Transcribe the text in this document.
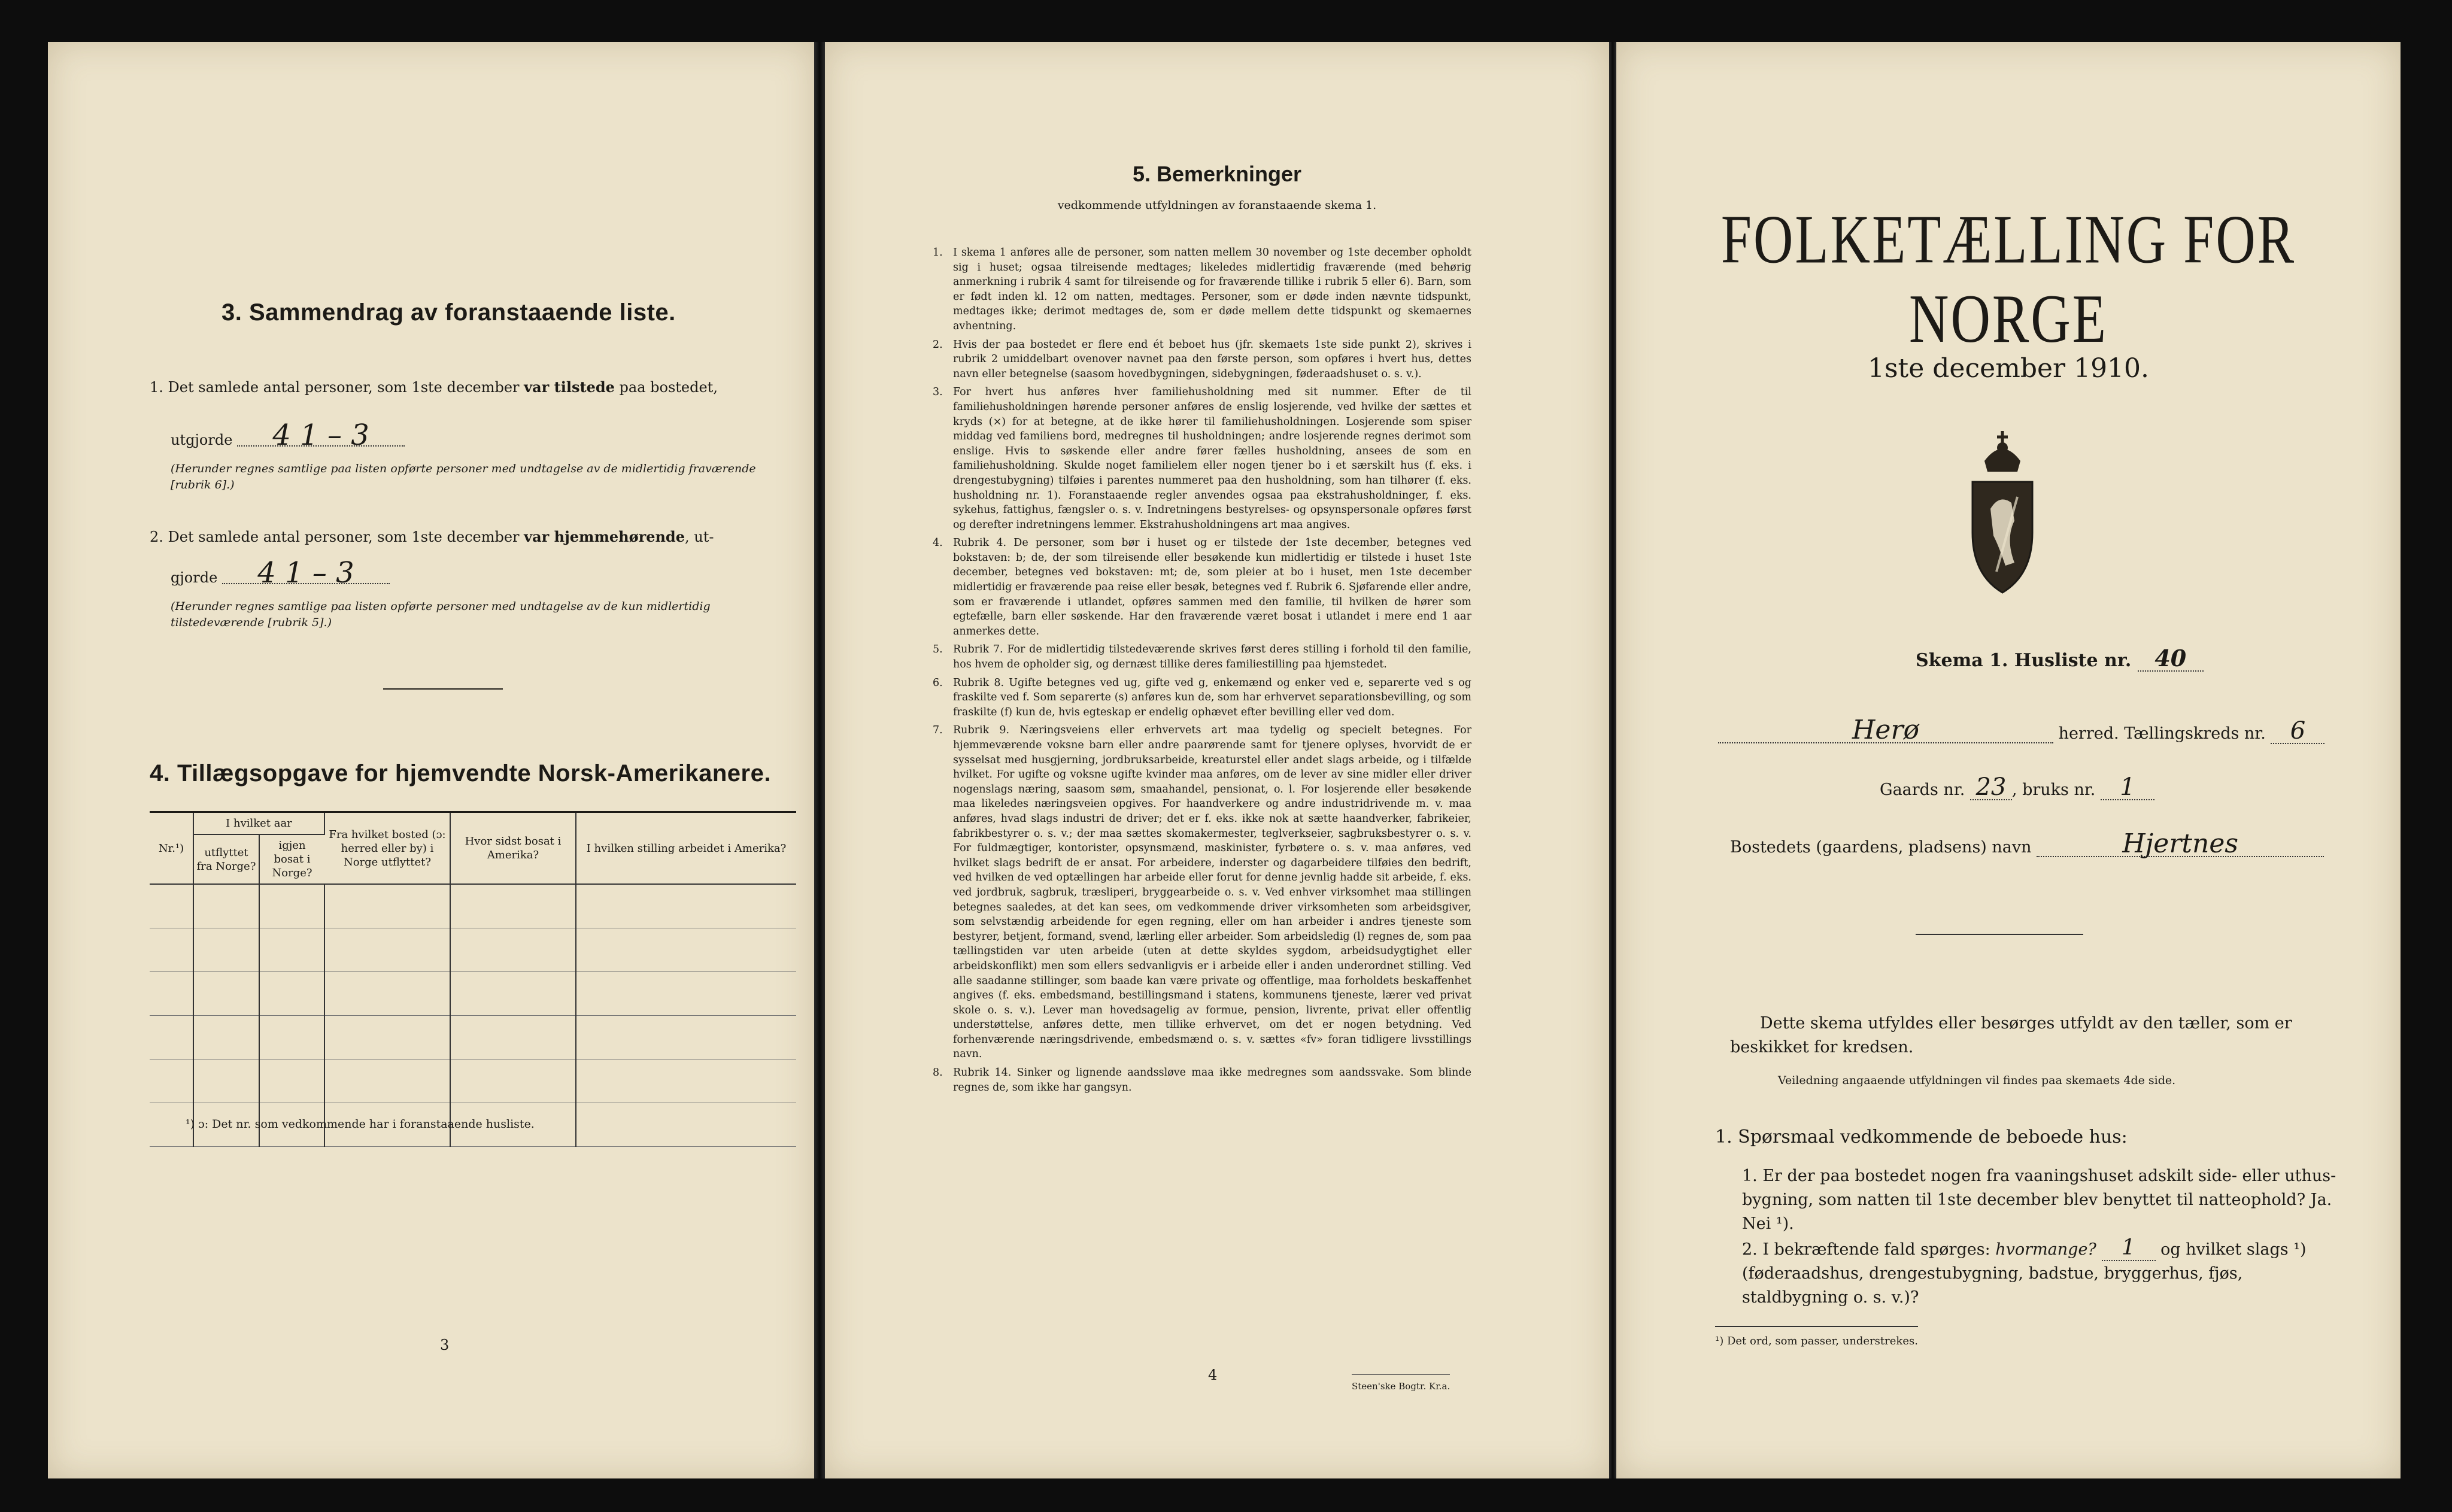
3. Sammendrag av foranstaaende liste.
1. Det samlede antal personer, som 1ste december var tilstede paa bostedet,
utgjorde 4 1 – 3
(Herunder regnes samtlige paa listen opførte personer med undtagelse av de midlertidig fraværende [rubrik 6].)
2. Det samlede antal personer, som 1ste december var hjemmehørende, ut-
gjorde 4 1 – 3
(Herunder regnes samtlige paa listen opførte personer med undtagelse av de kun midlertidig tilstedeværende [rubrik 5].)
4. Tillægsopgave for hjemvendte Norsk-Amerikanere.
Nr.¹)	I hvilket aar		Fra hvilket bosted (ɔ: herred eller by) i Norge utflyttet?	Hvor sidst bosat i Amerika?	I hvilken stilling arbeidet i Amerika?
	utflyttet fra Norge?	igjen bosat i Norge?			

¹) ɔ: Det nr. som vedkommende har i foranstaaende husliste.
3
5. Bemerkninger
vedkommende utfyldningen av foranstaaende skema 1.
1. I skema 1 anføres alle de personer, som natten mellem 30 november og 1ste december opholdt sig i huset; ogsaa tilreisende medtages; likeledes midlertidig fraværende (med behørig anmerkning i rubrik 4 samt for tilreisende og for fraværende tillike i rubrik 5 eller 6). Barn, som er født inden kl. 12 om natten, medtages. Personer, som er døde inden nævnte tidspunkt, medtages ikke; derimot medtages de, som er døde mellem dette tidspunkt og skemaernes avhentning.
2. Hvis der paa bostedet er flere end ét beboet hus (jfr. skemaets 1ste side punkt 2), skrives i rubrik 2 umiddelbart ovenover navnet paa den første person, som opføres i hvert hus, dettes navn eller betegnelse (saasom hovedbygningen, sidebygningen, føderaadshuset o. s. v.).
3. For hvert hus anføres hver familiehusholdning med sit nummer. Efter de til familiehusholdningen hørende personer anføres de enslig losjerende, ved hvilke der sættes et kryds (×) for at betegne, at de ikke hører til familiehusholdningen. Losjerende som spiser middag ved familiens bord, medregnes til husholdningen; andre losjerende regnes derimot som enslige. Hvis to søskende eller andre fører fælles husholdning, ansees de som en familiehusholdning. Skulde noget familielem eller nogen tjener bo i et særskilt hus (f. eks. i drengestubygning) tilføies i parentes nummeret paa den husholdning, som han tilhører (f. eks. husholdning nr. 1). Foranstaaende regler anvendes ogsaa paa ekstrahusholdninger, f. eks. sykehus, fattighus, fængsler o. s. v. Indretningens bestyrelses- og opsynspersonale opføres først og derefter indretningens lemmer. Ekstrahusholdningens art maa angives.
4. Rubrik 4. De personer, som bør i huset og er tilstede der 1ste december, betegnes ved bokstaven: b; de, der som tilreisende eller besøkende kun midlertidig er tilstede i huset 1ste december, betegnes ved bokstaven: mt; de, som pleier at bo i huset, men 1ste december midlertidig er fraværende paa reise eller besøk, betegnes ved f. Rubrik 6. Sjøfarende eller andre, som er fraværende i utlandet, opføres sammen med den familie, til hvilken de hører som egtefælle, barn eller søskende. Har den fraværende været bosat i utlandet i mere end 1 aar anmerkes dette.
5. Rubrik 7. For de midlertidig tilstedeværende skrives først deres stilling i forhold til den familie, hos hvem de opholder sig, og dernæst tillike deres familiestilling paa hjemstedet.
6. Rubrik 8. Ugifte betegnes ved ug, gifte ved g, enkemænd og enker ved e, separerte ved s og fraskilte ved f. Som separerte (s) anføres kun de, som har erhvervet separationsbevilling, og som fraskilte (f) kun de, hvis egteskap er endelig ophævet efter bevilling eller ved dom.
7. Rubrik 9. Næringsveiens eller erhvervets art maa tydelig og specielt betegnes. For hjemmeværende voksne barn eller andre paarørende samt for tjenere oplyses, hvorvidt de er sysselsat med husgjerning, jordbruksarbeide, kreaturstel eller andet slags arbeide, og i tilfælde hvilket. For ugifte og voksne ugifte kvinder maa anføres, om de lever av sine midler eller driver nogenslags næring, saasom søm, smaahandel, pensionat, o. l. For losjerende eller besøkende maa likeledes næringsveien opgives. For haandverkere og andre industridrivende m. v. maa anføres, hvad slags industri de driver; det er f. eks. ikke nok at sætte haandverker, fabrikeier, fabrikbestyrer o. s. v.; der maa sættes skomakermester, teglverkseier, sagbruksbestyrer o. s. v. For fuldmægtiger, kontorister, opsynsmænd, maskinister, fyrbøtere o. s. v. maa anføres, ved hvilket slags bedrift de er ansat. For arbeidere, inderster og dagarbeidere tilføies den bedrift, ved hvilken de ved optællingen har arbeide eller forut for denne jevnlig hadde sit arbeide, f. eks. ved jordbruk, sagbruk, træsliperi, bryggearbeide o. s. v. Ved enhver virksomhet maa stillingen betegnes saaledes, at det kan sees, om vedkommende driver virksomheten som arbeidsgiver, som selvstændig arbeidende for egen regning, eller om han arbeider i andres tjeneste som bestyrer, betjent, formand, svend, lærling eller arbeider. Som arbeidsledig (l) regnes de, som paa tællingstiden var uten arbeide (uten at dette skyldes sygdom, arbeidsudygtighet eller arbeidskonflikt) men som ellers sedvanligvis er i arbeide eller i anden underordnet stilling. Ved alle saadanne stillinger, som baade kan være private og offentlige, maa forholdets beskaffenhet angives (f. eks. embedsmand, bestillingsmand i statens, kommunens tjeneste, lærer ved privat skole o. s. v.). Lever man hovedsagelig av formue, pension, livrente, privat eller offentlig understøttelse, anføres dette, men tillike erhvervet, om det er nogen betydning. Ved forhenværende næringsdrivende, embedsmænd o. s. v. sættes «fv» foran tidligere livsstillings navn.
8. Rubrik 14. Sinker og lignende aandssløve maa ikke medregnes som aandssvake. Som blinde regnes de, som ikke har gangsyn.
4
Steen'ske Bogtr. Kr.a.
FOLKETÆLLING FOR NORGE
1ste december 1910.
Skema 1. Husliste nr. 40
Herø	herred. Tællingskreds nr. 6
Gaards nr. 23 , bruks nr. 1
Bostedets (gaardens, pladsens) navn	Hjertnes
Dette skema utfyldes eller besørges utfyldt av den tæller, som er beskikket for kredsen.
Veiledning angaaende utfyldningen vil findes paa skemaets 4de side.
1. Spørsmaal vedkommende de beboede hus:
1. Er der paa bostedet nogen fra vaaningshuset adskilt side- eller uthus-bygning, som natten til 1ste december blev benyttet til natteophold? Ja. Nei ¹).
2. I bekræftende fald spørges: hvormange? 1 og hvilket slags ¹) (føderaadshus, drengestubygning, badstue, bryggerhus, fjøs, staldbygning o. s. v.)?
¹) Det ord, som passer, understrekes.
